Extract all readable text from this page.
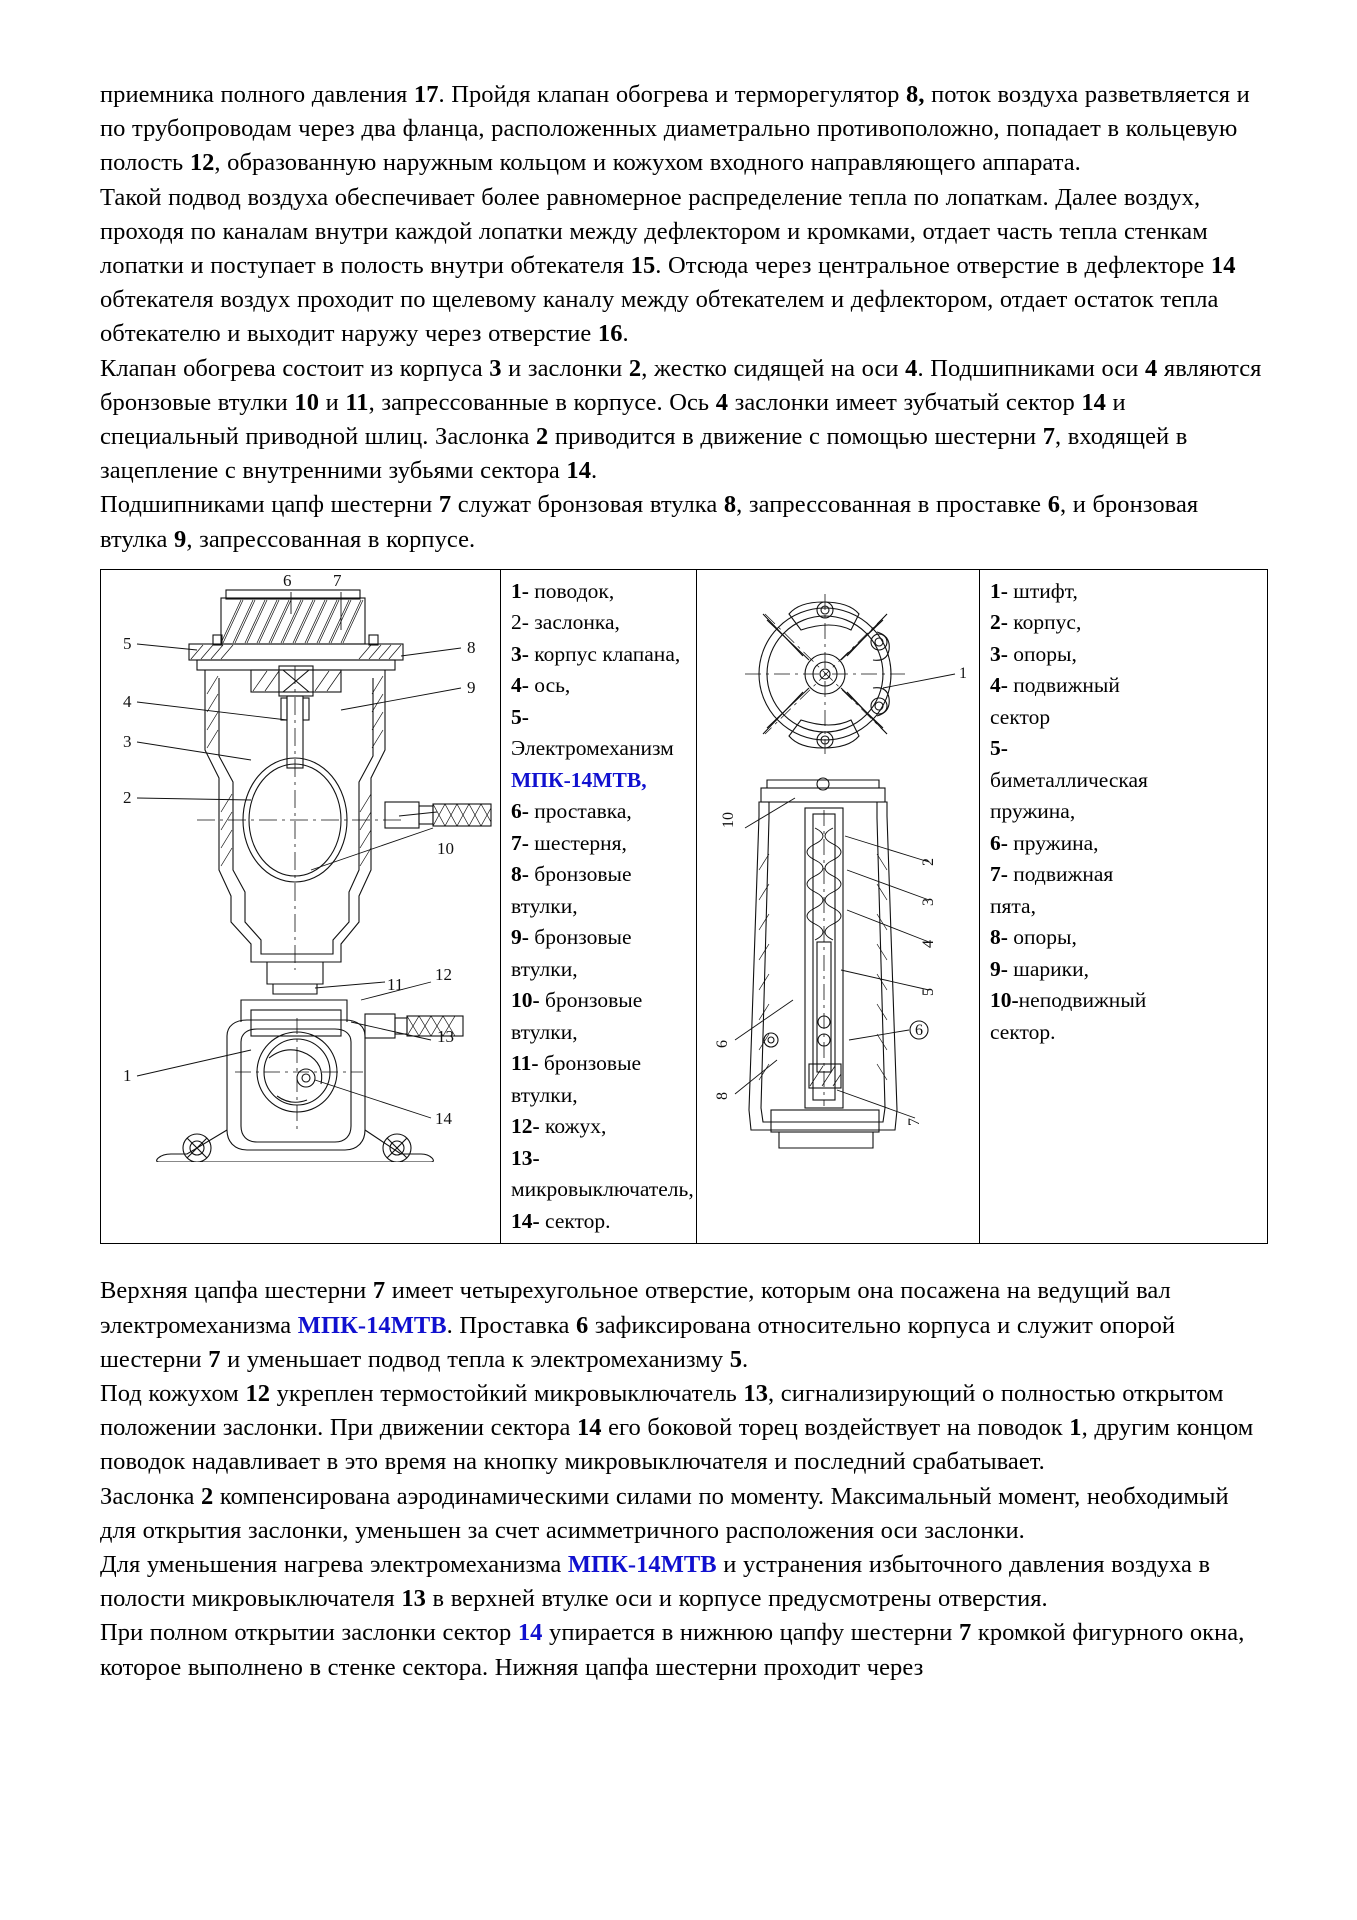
приемника полного давления 17. Пройдя клапан обогрева и терморегулятор 8, поток воздуха разветвляется и по трубопроводам через два фланца, расположенных диаметрально противоположно, попадает в кольцевую полость 12, образованную наружным кольцом и кожухом входного направляющего аппарата.

Такой подвод воздуха обеспечивает более равномерное распределение тепла по лопаткам. Далее воздух, проходя по каналам внутри каждой лопатки между дефлектором и кромками, отдает часть тепла стенкам лопатки и поступает в полость внутри обтекателя 15. Отсюда через центральное отверстие в дефлекторе 14 обтекателя воздух проходит по щелевому каналу между обтекателем и дефлектором, отдает остаток тепла обтекателю и выходит наружу через отверстие 16.

Клапан обогрева состоит из корпуса 3 и заслонки 2, жестко сидящей на оси 4. Подшипниками оси 4 являются бронзовые втулки 10 и 11, запрессованные в корпусе. Ось 4 заслонки имеет зубчатый сектор 14 и специальный приводной шлиц. Заслонка 2 приводится в движение с помощью шестерни 7, входящей в зацепление с внутренними зубьями сектора 14.

Подшипниками цапф шестерни 7 служат бронзовая втулка 8, запрессованная в проставке 6, и бронзовая втулка 9, запрессованная в корпусе.

6 7
5	8
9
4
3
2
10
11
12
13
1
14

1- поводок,
2- заслонка,
3- корпус клапана,
4- ось,
5-
Электромеханизм
МПК-14МТВ,
6- проставка,
7- шестерня,
8- бронзовые
втулки,
9- бронзовые
втулки,
10- бронзовые
втулки,
11- бронзовые
втулки,
12- кожух,
13-
микровыключатель,
14- сектор.

1
10
2
3
4
5
6
8
6
7

1- штифт,
2- корпус,
3- опоры,
4- подвижный
сектор
5-
биметаллическая
пружина,
6- пружина,
7- подвижная
пята,
8- опоры,
9- шарики,
10-неподвижный
сектор.

Верхняя цапфа шестерни 7 имеет четырехугольное отверстие, которым она посажена на ведущий вал электромеханизма МПК-14МТВ. Проставка 6 зафиксирована относительно корпуса и служит опорой шестерни 7 и уменьшает подвод тепла к электромеханизму 5.

Под кожухом 12 укреплен термостойкий микровыключатель 13, сигнализирующий о полностью открытом положении заслонки. При движении сектора 14 его боковой торец воздействует на поводок 1, другим концом поводок надавливает в это время на кнопку микровыключателя и последний срабатывает.

Заслонка 2 компенсирована аэродинамическими силами по моменту. Максимальный момент, необходимый для открытия заслонки, уменьшен за счет асимметричного расположения оси заслонки.

Для уменьшения нагрева электромеханизма МПК-14МТВ и устранения избыточного давления воздуха в полости микровыключателя 13 в верхней втулке оси и корпусе предусмотрены отверстия.

При полном открытии заслонки сектор 14 упирается в нижнюю цапфу шестерни 7 кромкой фигурного окна, которое выполнено в стенке сектора. Нижняя цапфа шестерни проходит через
